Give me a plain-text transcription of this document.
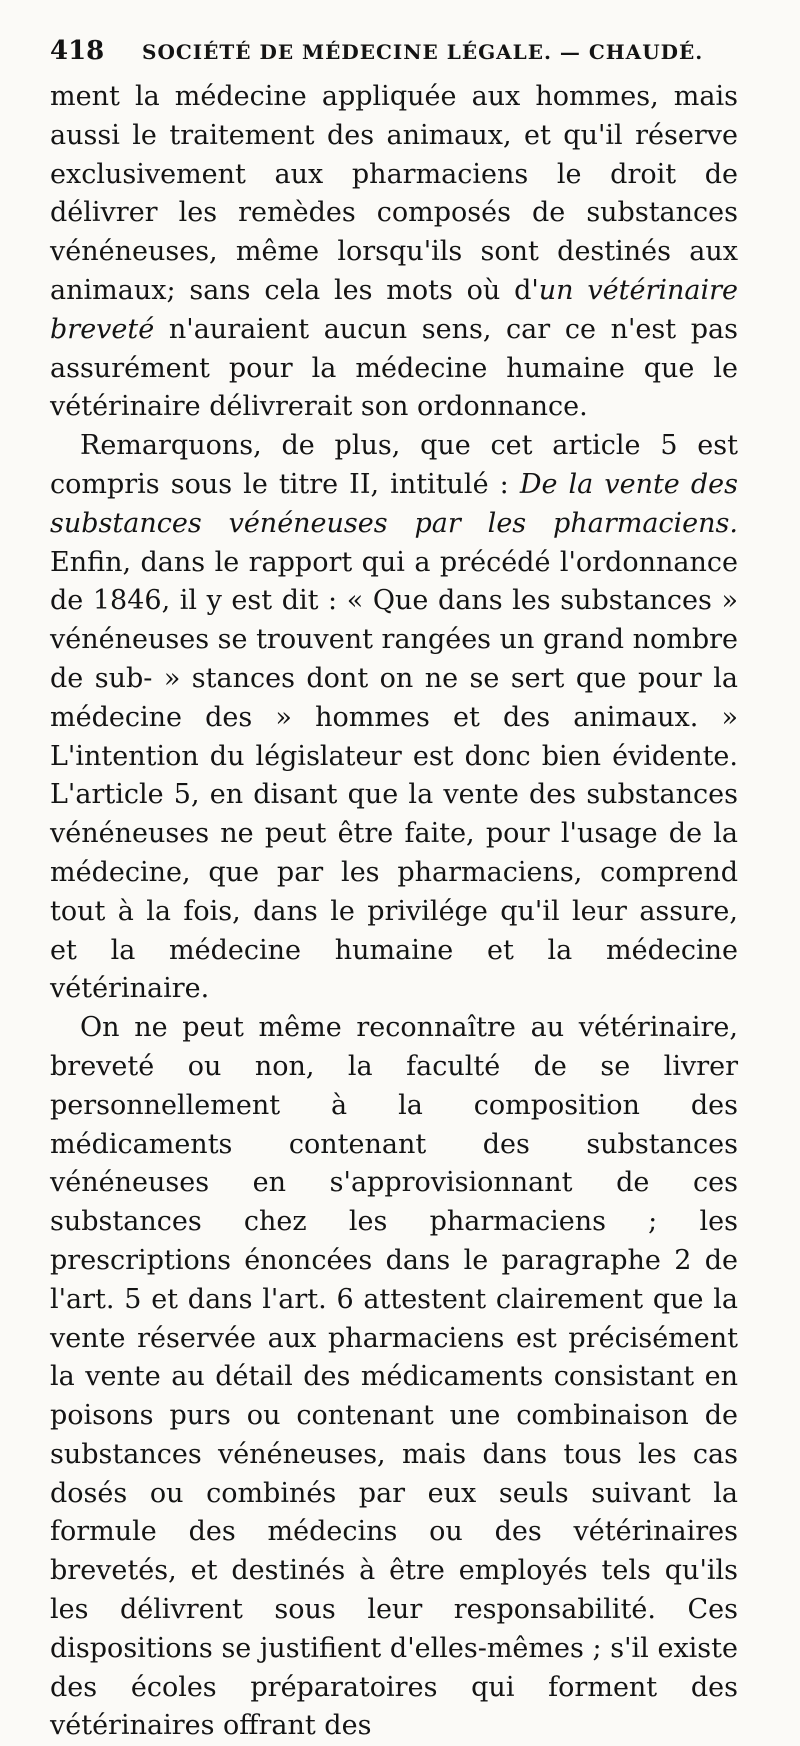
418	SOCIÉTÉ DE MÉDECINE LÉGALE. — CHAUDÉ.

ment la médecine appliquée aux hommes, mais aussi le traitement des animaux, et qu'il réserve exclusivement aux pharmaciens le droit de délivrer les remèdes composés de substances vénéneuses, même lorsqu'ils sont destinés aux animaux; sans cela les mots où d'un vétérinaire breveté n'auraient aucun sens, car ce n'est pas assurément pour la médecine humaine que le vétérinaire délivrerait son ordonnance.

Remarquons, de plus, que cet article 5 est compris sous le titre II, intitulé : De la vente des substances vénéneuses par les pharmaciens. Enfin, dans le rapport qui a précédé l'ordonnance de 1846, il y est dit : « Que dans les substances » vénéneuses se trouvent rangées un grand nombre de sub- » stances dont on ne se sert que pour la médecine des » hommes et des animaux. » L'intention du législateur est donc bien évidente. L'article 5, en disant que la vente des substances vénéneuses ne peut être faite, pour l'usage de la médecine, que par les pharmaciens, comprend tout à la fois, dans le privilége qu'il leur assure, et la médecine humaine et la médecine vétérinaire.

On ne peut même reconnaître au vétérinaire, breveté ou non, la faculté de se livrer personnellement à la composition des médicaments contenant des substances vénéneuses en s'approvisionnant de ces substances chez les pharmaciens ; les prescriptions énoncées dans le paragraphe 2 de l'art. 5 et dans l'art. 6 attestent clairement que la vente réservée aux pharmaciens est précisément la vente au détail des médicaments consistant en poisons purs ou contenant une combinaison de substances vénéneuses, mais dans tous les cas dosés ou combinés par eux seuls suivant la formule des médecins ou des vétérinaires brevetés, et destinés à être employés tels qu'ils les délivrent sous leur responsabilité. Ces dispositions se justifient d'elles-mêmes ; s'il existe des écoles préparatoires qui forment des vétérinaires offrant des
